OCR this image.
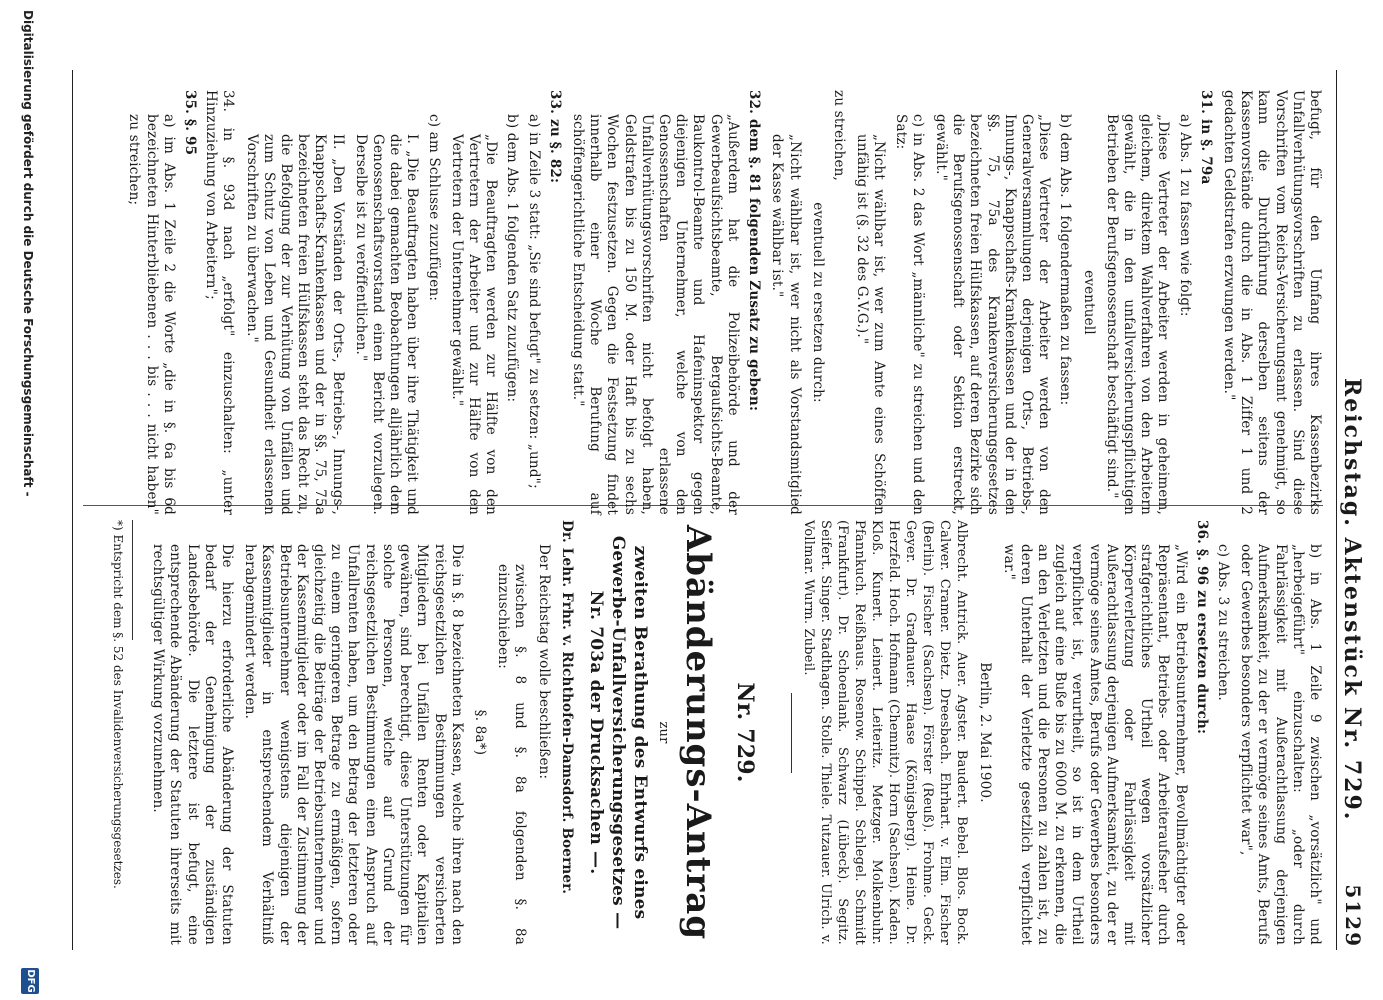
Reichstag. Aktenstück Nr. 729.
5129

befugt, für den Umfang ihres Kassenbezirks Unfallverhütungsvorschriften zu erlassen. Sind diese Vorschriften vom Reichs-Versicherungsamt genehmigt, so kann die Durchführung derselben seitens der Kassenvorstände durch die in Abs. 1 Ziffer 1 und 2 gedachten Geldstrafen erzwungen werden."

31. in §. 79a

a) Abs. 1 zu fassen wie folgt:

„Diese Vertreter der Arbeiter werden in geheimem, gleichem, direktem Wahlverfahren von den Arbeitern gewählt, die in den unfallversicherungspflichtigen Betrieben der Berufsgenossenschaft beschäftigt sind."

eventuell

b) dem Abs. 1 folgendermaßen zu fassen:

„Diese Vertreter der Arbeiter werden von den Generalversammlungen derjenigen Orts-, Betriebs-, Innungs-, Knappschafts-Krankenkassen und der in den §§. 75, 75a des Krankenversicherungsgesetzes bezeichneten freien Hülfskassen, auf deren Bezirke sich die Berufsgenossenschaft oder Sektion erstreckt, gewählt."

c) in Abs. 2 das Wort „männliche" zu streichen und den Satz:

„Nicht wählbar ist, wer zum Amte eines Schöffen unfähig ist (§. 32 des G.V.G.)."

zu streichen,

eventuell zu ersetzen durch:

„Nicht wählbar ist, wer nicht als Vorstandsmitglied der Kasse wählbar ist."

32. dem §. 81 folgenden Zusatz zu geben:

„Außerdem hat die Polizeibehörde und der Gewerbeaufsichtsbeamte, Bergaufsichts-Beamte, Baukontrol-Beamte und Hafeninspektor gegen diejenigen Unternehmer, welche von den Genossenschaften erlassene Unfallverhütungsvorschriften nicht befolgt haben, Geldstrafen bis zu 150 M. oder Haft bis zu sechs Wochen festzusetzen. Gegen die Festsetzung findet innerhalb einer Woche Berufung auf schöffengerichtliche Entscheidung statt."

33. zu §. 82:

a) in Zeile 3 statt: „Sie sind befugt" zu setzen: „und";

b) dem Abs. 1 folgenden Satz zuzufügen:

„Die Beauftragten werden zur Hälfte von den Vertretern der Arbeiter und zur Hälfte von den Vertretern der Unternehmer gewählt."

c) am Schlusse zuzufügen:

I. „Die Beauftragten haben über ihre Thätigkeit und die dabei gemachten Beobachtungen alljährlich dem Genossenschaftsvorstand einen Bericht vorzulegen. Derselbe ist zu veröffentlichen."

II. „Den Vorständen der Orts-, Betriebs-, Innungs-, Knappschafts-Krankenkassen und der in §§. 75, 75a bezeichneten freien Hülfskassen steht das Recht zu, die Befolgung der zur Verhütung von Unfällen und zum Schutz von Leben und Gesundheit erlassenen Vorschriften zu überwachen."

34. in §. 93d nach „erfolgt" einzuschalten: „unter Hinzuziehung von Arbeitern";

35. §. 95

a) im Abs. 1 Zeile 2 die Worte „die in §. 6a bis 6d bezeichneten Hinterbliebenen . . . bis . . . nicht haben" zu streichen;

b) in Abs. 1 Zeile 9 zwischen „vorsätzlich" und „herbeigeführt" einzuschalten: „oder durch Fahrlässigkeit mit Außerachtlassung derjenigen Aufmerksamkeit, zu der er vermöge seines Amts, Berufs oder Gewerbes besonders verpflichtet war",

c) Abs. 3 zu streichen.

36. §. 96 zu ersetzen durch:

„Wird ein Betriebsunternehmer, Bevollmächtigter oder Repräsentant, Betriebs- oder Arbeiteraufseher durch strafgerichtliches Urtheil wegen vorsätzlicher Körperverletzung oder Fahrlässigkeit mit Außerachtlassung derjenigen Aufmerksamkeit, zu der er vermöge seines Amtes, Berufs oder Gewerbes besonders verpflichtet ist, verurtheilt, so ist in dem Urtheil zugleich auf eine Buße bis zu 6000 M. zu erkennen, die an den Verletzten und die Personen zu zahlen ist, zu deren Unterhalt der Verletzte gesetzlich verpflichtet war."

Berlin, 2. Mai 1900.

Albrecht. Antrick. Auer. Agster. Baudert. Bebel. Blos. Bock. Calwer. Cramer. Dietz. Dreesbach. Ehrhart. v. Elm. Fischer (Berlin). Fischer (Sachsen). Förster (Reuß). Frohme. Geck. Geyer. Dr. Gradnauer. Haase (Königsberg). Heine. Dr. Herzfeld. Hoch. Hofmann (Chemnitz). Horn (Sachsen). Kaden. Kloß. Kunert. Leinert. Leiteritz. Metzger. Molkenbuhr. Pfannkuch. Reißhaus. Rosenow. Schippel. Schlegel. Schmidt (Frankfurt). Dr. Schoenlank. Schwarz (Lübeck). Segitz. Seifert. Singer. Stadthagen. Stolle. Thiele. Tutzauer. Ulrich. v. Vollmar. Wurm. Zubeil.

Nr. 729.
Abänderungs-Antrag
zur
zweiten Berathung des Entwurfs eines Gewerbe-Unfallversicherungsgesetzes — Nr. 703a der Drucksachen —.

Dr. Lehr. Frhr. v. Richthofen-Damsdorf. Boerner.

Der Reichstag wolle beschließen:

zwischen §. 8 und §. 8a folgenden §. 8a einzuschieben:

§. 8a*)

Die in §. 8 bezeichneten Kassen, welche ihren nach den reichsgesetzlichen Bestimmungen versicherten Mitgliedern bei Unfällen Renten oder Kapitalien gewähren, sind berechtigt, diese Unterstützungen für solche Personen, welche auf Grund der reichsgesetzlichen Bestimmungen einen Anspruch auf Unfallrenten haben, um den Betrag der letzteren oder zu einem geringeren Betrage zu ermäßigen, sofern gleichzeitig die Beiträge der Betriebsunternehmer und der Kassenmitglieder oder im Fall der Zustimmung der Betriebsunternehmer wenigstens diejenigen der Kassenmitglieder in entsprechendem Verhältniß herabgemindert werden.

Die hierzu erforderliche Abänderung der Statuten bedarf der Genehmigung der zuständigen Landesbehörde. Die letztere ist befugt, eine entsprechende Abänderung der Statuten ihrerseits mit rechtsgültiger Wirkung vorzunehmen.

*) Entspricht dem §. 52 des Invalidenversicherungsgesetzes.
Digitalisierung gefördert durch die Deutsche Forschungsgemeinschaft -
DFG
